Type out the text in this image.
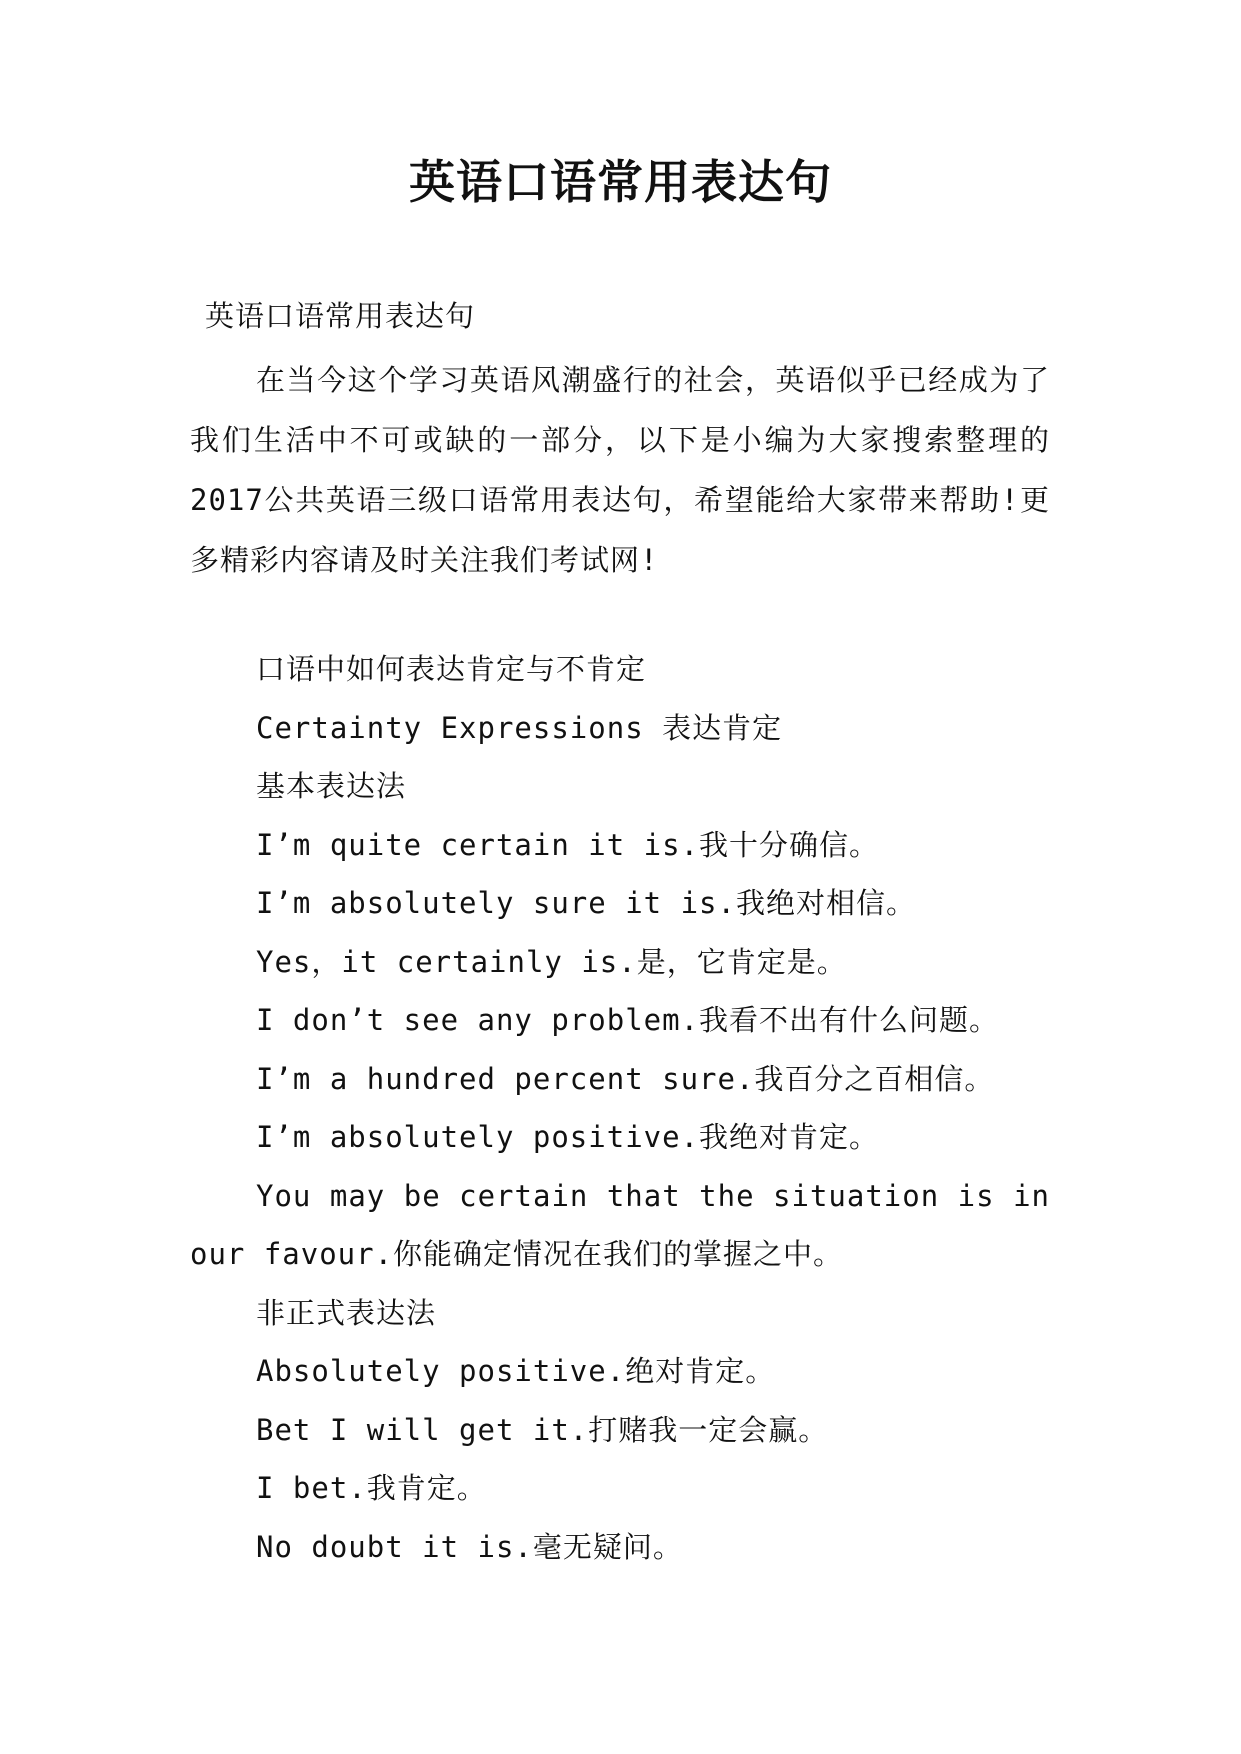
英语口语常用表达句
英语口语常用表达句

在当今这个学习英语风潮盛行的社会，英语似乎已经成为了我们生活中不可或缺的一部分，以下是小编为大家搜索整理的2017公共英语三级口语常用表达句，希望能给大家带来帮助!更多精彩内容请及时关注我们考试网!

口语中如何表达肯定与不肯定
Certainty Expressions 表达肯定
基本表达法
I’m quite certain it is.我十分确信。
I’m absolutely sure it is.我绝对相信。
Yes，it certainly is.是，它肯定是。
I don’t see any problem.我看不出有什么问题。
I’m a hundred percent sure.我百分之百相信。
I’m absolutely positive.我绝对肯定。
You may be certain that the situation is in our favour.你能确定情况在我们的掌握之中。
非正式表达法
Absolutely positive.绝对肯定。
Bet I will get it.打赌我一定会赢。
I bet.我肯定。
No doubt it is.毫无疑问。
